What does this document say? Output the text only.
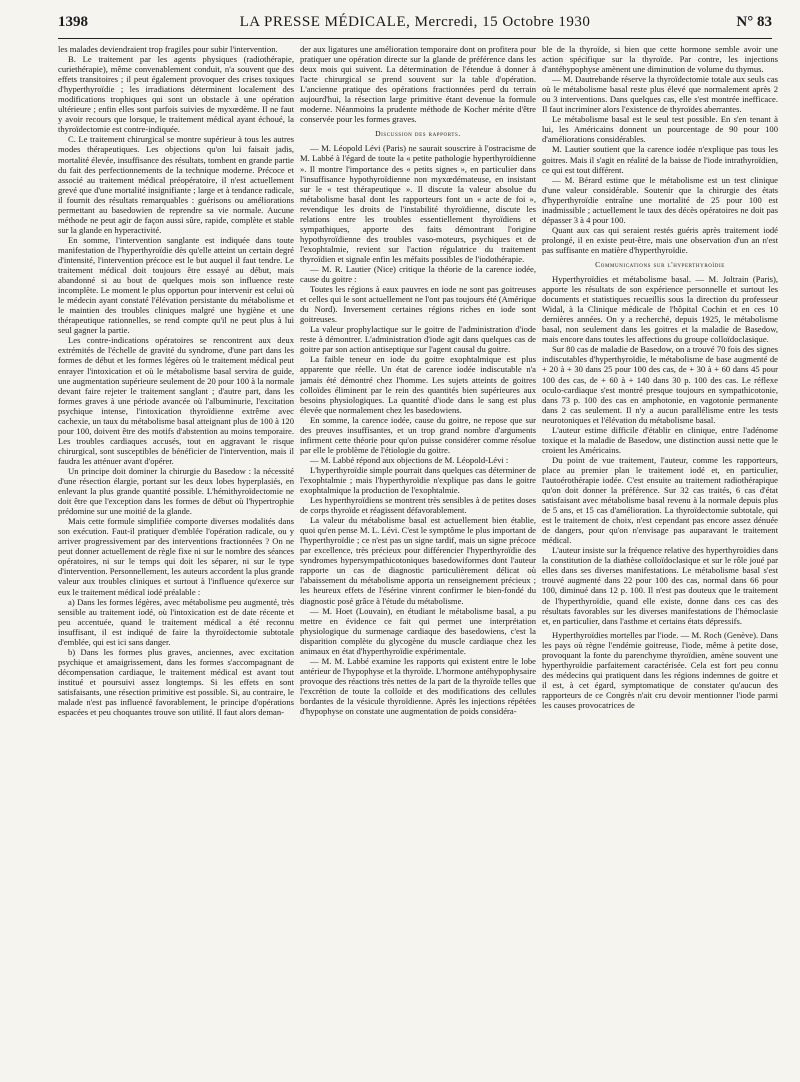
1398	LA PRESSE MÉDICALE, Mercredi, 15 Octobre 1930	N° 83

les malades deviendraient trop fragiles pour subir l'intervention.

B. Le traitement par les agents physiques (radiothérapie, curiethérapie), même convenablement conduit, n'a souvent que des effets transitoires ; il peut également provoquer des crises toxiques d'hyperthyroïdie ; les irradiations déterminent localement des modifications trophiques qui sont un obstacle à une opération ultérieure ; enfin elles sont parfois suivies de myxœdème. Il ne faut y avoir recours que lorsque, le traitement médical ayant échoué, la thyroïdectomie est contre-indiquée.

C. Le traitement chirurgical se montre supérieur à tous les autres modes thérapeutiques. Les objections qu'on lui faisait jadis, mortalité élevée, insuffisance des résultats, tombent en grande partie du fait des perfectionnements de la technique moderne. Précoce et associé au traitement médical préopératoire, il n'est actuellement grevé que d'une mortalité insignifiante ; large et à tendance radicale, il fournit des résultats remarquables : guérisons ou améliorations permettant au basedowien de reprendre sa vie normale. Aucune méthode ne peut agir de façon aussi sûre, rapide, complète et stable sur la glande en hyperactivité.

En somme, l'intervention sanglante est indiquée dans toute manifestation de l'hyperthyroïdie dès qu'elle atteint un certain degré d'intensité, l'intervention précoce est le but auquel il faut tendre. Le traitement médical doit toujours être essayé au début, mais abandonné si au bout de quelques mois son influence reste incomplète. Le moment le plus opportun pour intervenir est celui où le médecin ayant constaté l'élévation persistante du métabolisme et le maintien des troubles cliniques malgré une hygiène et une thérapeutique rationnelles, se rend compte qu'il ne peut plus à lui seul gagner la partie.

Les contre-indications opératoires se rencontrent aux deux extrémités de l'échelle de gravité du syndrome, d'une part dans les formes de début et les formes légères où le traitement médical peut enrayer l'intoxication et où le métabolisme basal servira de guide, une augmentation supérieure seulement de 20 pour 100 à la normale devant faire rejeter le traitement sanglant ; d'autre part, dans les formes graves à une période avancée où l'albuminurie, l'excitation psychique intense, l'intoxication thyroïdienne extrême avec cachexie, un taux du métabolisme basal atteignant plus de 100 à 120 pour 100, doivent être des motifs d'abstention au moins temporaire. Les troubles cardiaques accusés, tout en aggravant le risque chirurgical, sont susceptibles de bénéficier de l'intervention, mais il faudra les atténuer avant d'opérer.

Un principe doit dominer la chirurgie du Basedow : la nécessité d'une résection élargie, portant sur les deux lobes hyperplasiés, en enlevant la plus grande quantité possible. L'hémithyroïdectomie ne doit être que l'exception dans les formes de début où l'hypertrophie prédomine sur une moitié de la glande.

Mais cette formule simplifiée comporte diverses modalités dans son exécution. Faut-il pratiquer d'emblée l'opération radicale, ou y arriver progressivement par des interventions fractionnées ? On ne peut donner actuellement de règle fixe ni sur le nombre des séances opératoires, ni sur le temps qui doit les séparer, ni sur le type d'intervention. Personnellement, les auteurs accordent la plus grande valeur aux troubles cliniques et surtout à l'influence qu'exerce sur eux le traitement médical iodé préalable :

a) Dans les formes légères, avec métabolisme peu augmenté, très sensible au traitement iodé, où l'intoxication est de date récente et peu accentuée, quand le traitement médical a été reconnu insuffisant, il est indiqué de faire la thyroïdectomie subtotale d'emblée, qui est ici sans danger.

b) Dans les formes plus graves, anciennes, avec excitation psychique et amaigrissement, dans les formes s'accompagnant de décompensation cardiaque, le traitement médical est avant tout institué et poursuivi assez longtemps. Si les effets en sont satisfaisants, une résection primitive est possible. Si, au contraire, le malade n'est pas influencé favorablement, le principe d'opérations espacées et peu choquantes trouve son utilité. Il faut alors deman-

der aux ligatures une amélioration temporaire dont on profitera pour pratiquer une opération directe sur la glande de préférence dans les deux mois qui suivent. La détermination de l'étendue à donner à l'acte chirurgical se prend souvent sur la table d'opération. L'ancienne pratique des opérations fractionnées perd du terrain aujourd'hui, la résection large primitive étant devenue la formule moderne. Néanmoins la prudente méthode de Kocher mérite d'être conservée pour les formes graves.

Discussion des rapports.

— M. Léopold Lévi (Paris) ne saurait souscrire à l'ostracisme de M. Labbé à l'égard de toute la « petite pathologie hyperthyroïdienne ». Il montre l'importance des « petits signes », en particulier dans l'insuffisance hypothyroïdienne non myxœdémateuse, en insistant sur le « test thérapeutique ». Il discute la valeur absolue du métabolisme basal dont les rapporteurs font un « acte de foi », revendique les droits de l'instabilité thyroïdienne, discute les relations entre les troubles essentiellement thyroïdiens et sympathiques, apporte des faits démontrant l'origine hypothyroïdienne des troubles vaso-moteurs, psychiques et de l'exophtalmie, revient sur l'action régulatrice du traitement thyroïdien et signale enfin les méfaits possibles de l'iodothérapie.

— M. R. Lautier (Nice) critique la théorie de la carence iodée, cause du goitre :

Toutes les régions à eaux pauvres en iode ne sont pas goitreuses et celles qui le sont actuellement ne l'ont pas toujours été (Amérique du Nord). Inversement certaines régions riches en iode sont goitreuses.

La valeur prophylactique sur le goitre de l'administration d'iode reste à démontrer. L'administration d'iode agit dans quelques cas de goitre par son action antiseptique sur l'agent causal du goitre.

La faible teneur en iode du goitre exophtalmique est plus apparente que réelle. Un état de carence iodée indiscutable n'a jamais été démontré chez l'homme. Les sujets atteints de goitres colloïdes éliminent par le rein des quantités bien supérieures aux besoins physiologiques. La quantité d'iode dans le sang est plus élevée que normalement chez les basedowiens.

En somme, la carence iodée, cause du goitre, ne repose que sur des preuves insuffisantes, et un trop grand nombre d'arguments infirment cette théorie pour qu'on puisse considérer comme résolue par elle le problème de l'étiologie du goitre.

— M. Labbé répond aux objections de M. Léopold-Lévi :

L'hyperthyroïdie simple pourrait dans quelques cas déterminer de l'exophtalmie ; mais l'hyperthyroïdie n'explique pas dans le goitre exophtalmique la production de l'exophtalmie.

Les hyperthyroïdiens se montrent très sensibles à de petites doses de corps thyroïde et réagissent défavorablement.

La valeur du métabolisme basal est actuellement bien établie, quoi qu'en pense M. L. Lévi. C'est le symptôme le plus important de l'hyperthyroïdie ; ce n'est pas un signe tardif, mais un signe précoce par excellence, très précieux pour différencier l'hyperthyroïdie des syndromes hypersympathicotoniques basedowiformes dont l'auteur rapporte un cas de diagnostic particulièrement délicat où l'abaissement du métabolisme apporta un renseignement précieux ; les heureux effets de l'ésérine vinrent confirmer le bien-fondé du diagnostic posé grâce à l'étude du métabolisme.

— M. Hoet (Louvain), en étudiant le métabolisme basal, a pu mettre en évidence ce fait qui permet une interprétation physiologique du surmenage cardiaque des basedowiens, c'est la disparition complète du glycogène du muscle cardiaque chez les animaux en état d'hyperthyroïdie expérimentale.

— M. M. Labbé examine les rapports qui existent entre le lobe antérieur de l'hypophyse et la thyroïde. L'hormone antéhypophysaire provoque des réactions très nettes de la part de la thyroïde telles que l'excrétion de toute la colloïde et des modifications des cellules bordantes de la vésicule thyroïdienne. Après les injections répétées d'hypophyse on constate une augmentation de poids considéra-

ble de la thyroïde, si bien que cette hormone semble avoir une action spécifique sur la thyroïde. Par contre, les injections d'antéhypophyse amènent une diminution de volume du thymus.

— M. Dautrebande réserve la thyroïdectomie totale aux seuls cas où le métabolisme basal reste plus élevé que normalement après 2 ou 3 interventions. Dans quelques cas, elle s'est montrée inefficace. Il faut incriminer alors l'existence de thyroïdes aberrantes.

Le métabolisme basal est le seul test possible. En s'en tenant à lui, les Américains donnent un pourcentage de 90 pour 100 d'améliorations considérables.

M. Lautier soutient que la carence iodée n'explique pas tous les goitres. Mais il s'agit en réalité de la baisse de l'iode intrathyroïdien, ce qui est tout différent.

— M. Bérard estime que le métabolisme est un test clinique d'une valeur considérable. Soutenir que la chirurgie des états d'hyperthyroïdie entraîne une mortalité de 25 pour 100 est inadmissible ; actuellement le taux des décès opératoires ne doit pas dépasser 3 à 4 pour 100.

Quant aux cas qui seraient restés guéris après traitement iodé prolongé, il en existe peut-être, mais une observation d'un an n'est pas suffisante en matière d'hyperthyroïdie.

Communications sur l'hyperthyroïdie

Hyperthyroïdies et métabolisme basal. — M. Joltrain (Paris), apporte les résultats de son expérience personnelle et surtout les documents et statistiques recueillis sous la direction du professeur Widal, à la Clinique médicale de l'hôpital Cochin et en ces 10 dernières années. On y a recherché, depuis 1925, le métabolisme basal, non seulement dans les goitres et la maladie de Basedow, mais encore dans toutes les affections du groupe colloïdoclasique.

Sur 80 cas de maladie de Basedow, on a trouvé 70 fois des signes indiscutables d'hyperthyroïdie, le métabolisme de base augmenté de + 20 à + 30 dans 25 pour 100 des cas, de + 30 à + 60 dans 45 pour 100 des cas, de + 60 à + 140 dans 30 p. 100 des cas. Le réflexe oculo-cardiaque s'est montré presque toujours en sympathicotonie, dans 73 p. 100 des cas en amphotonie, en vagotonie permanente dans 2 cas seulement. Il n'y a aucun parallélisme entre les tests neurotoniques et l'élévation du métabolisme basal.

L'auteur estime difficile d'établir en clinique, entre l'adénome toxique et la maladie de Basedow, une distinction aussi nette que le croient les Américains.

Du point de vue traitement, l'auteur, comme les rapporteurs, place au premier plan le traitement iodé et, en particulier, l'autoérothérapie iodée. C'est ensuite au traitement radiothérapique qu'on doit donner la préférence. Sur 32 cas traités, 6 cas d'état satisfaisant avec métabolisme basal revenu à la normale depuis plus de 5 ans, et 15 cas d'amélioration. La thyroïdectomie subtotale, qui est le traitement de choix, n'est cependant pas encore assez dénuée de dangers, pour qu'on n'envisage pas auparavant le traitement médical.

L'auteur insiste sur la fréquence relative des hyperthyroïdies dans la constitution de la diathèse colloïdoclasique et sur le rôle joué par elles dans ses diverses manifestations. Le métabolisme basal s'est trouvé augmenté dans 22 pour 100 des cas, normal dans 66 pour 100, diminué dans 12 p. 100. Il n'est pas douteux que le traitement de l'hyperthyroïdie, quand elle existe, donne dans ces cas des résultats favorables sur les diverses manifestations de l'hémoclasie et, en particulier, dans l'asthme et certains états dépressifs.

Hyperthyroïdies mortelles par l'iode. — M. Roch (Genève). Dans les pays où règne l'endémie goitreuse, l'iode, même à petite dose, provoquant la fonte du parenchyme thyroïdien, amène souvent une hyperthyroïdie parfaitement caractérisée. Cela est fort peu connu des médecins qui pratiquent dans les régions indemnes de goitre et il est, à cet égard, symptomatique de constater qu'aucun des rapporteurs de ce Congrès n'ait cru devoir mentionner l'iode parmi les causes provocatrices de
